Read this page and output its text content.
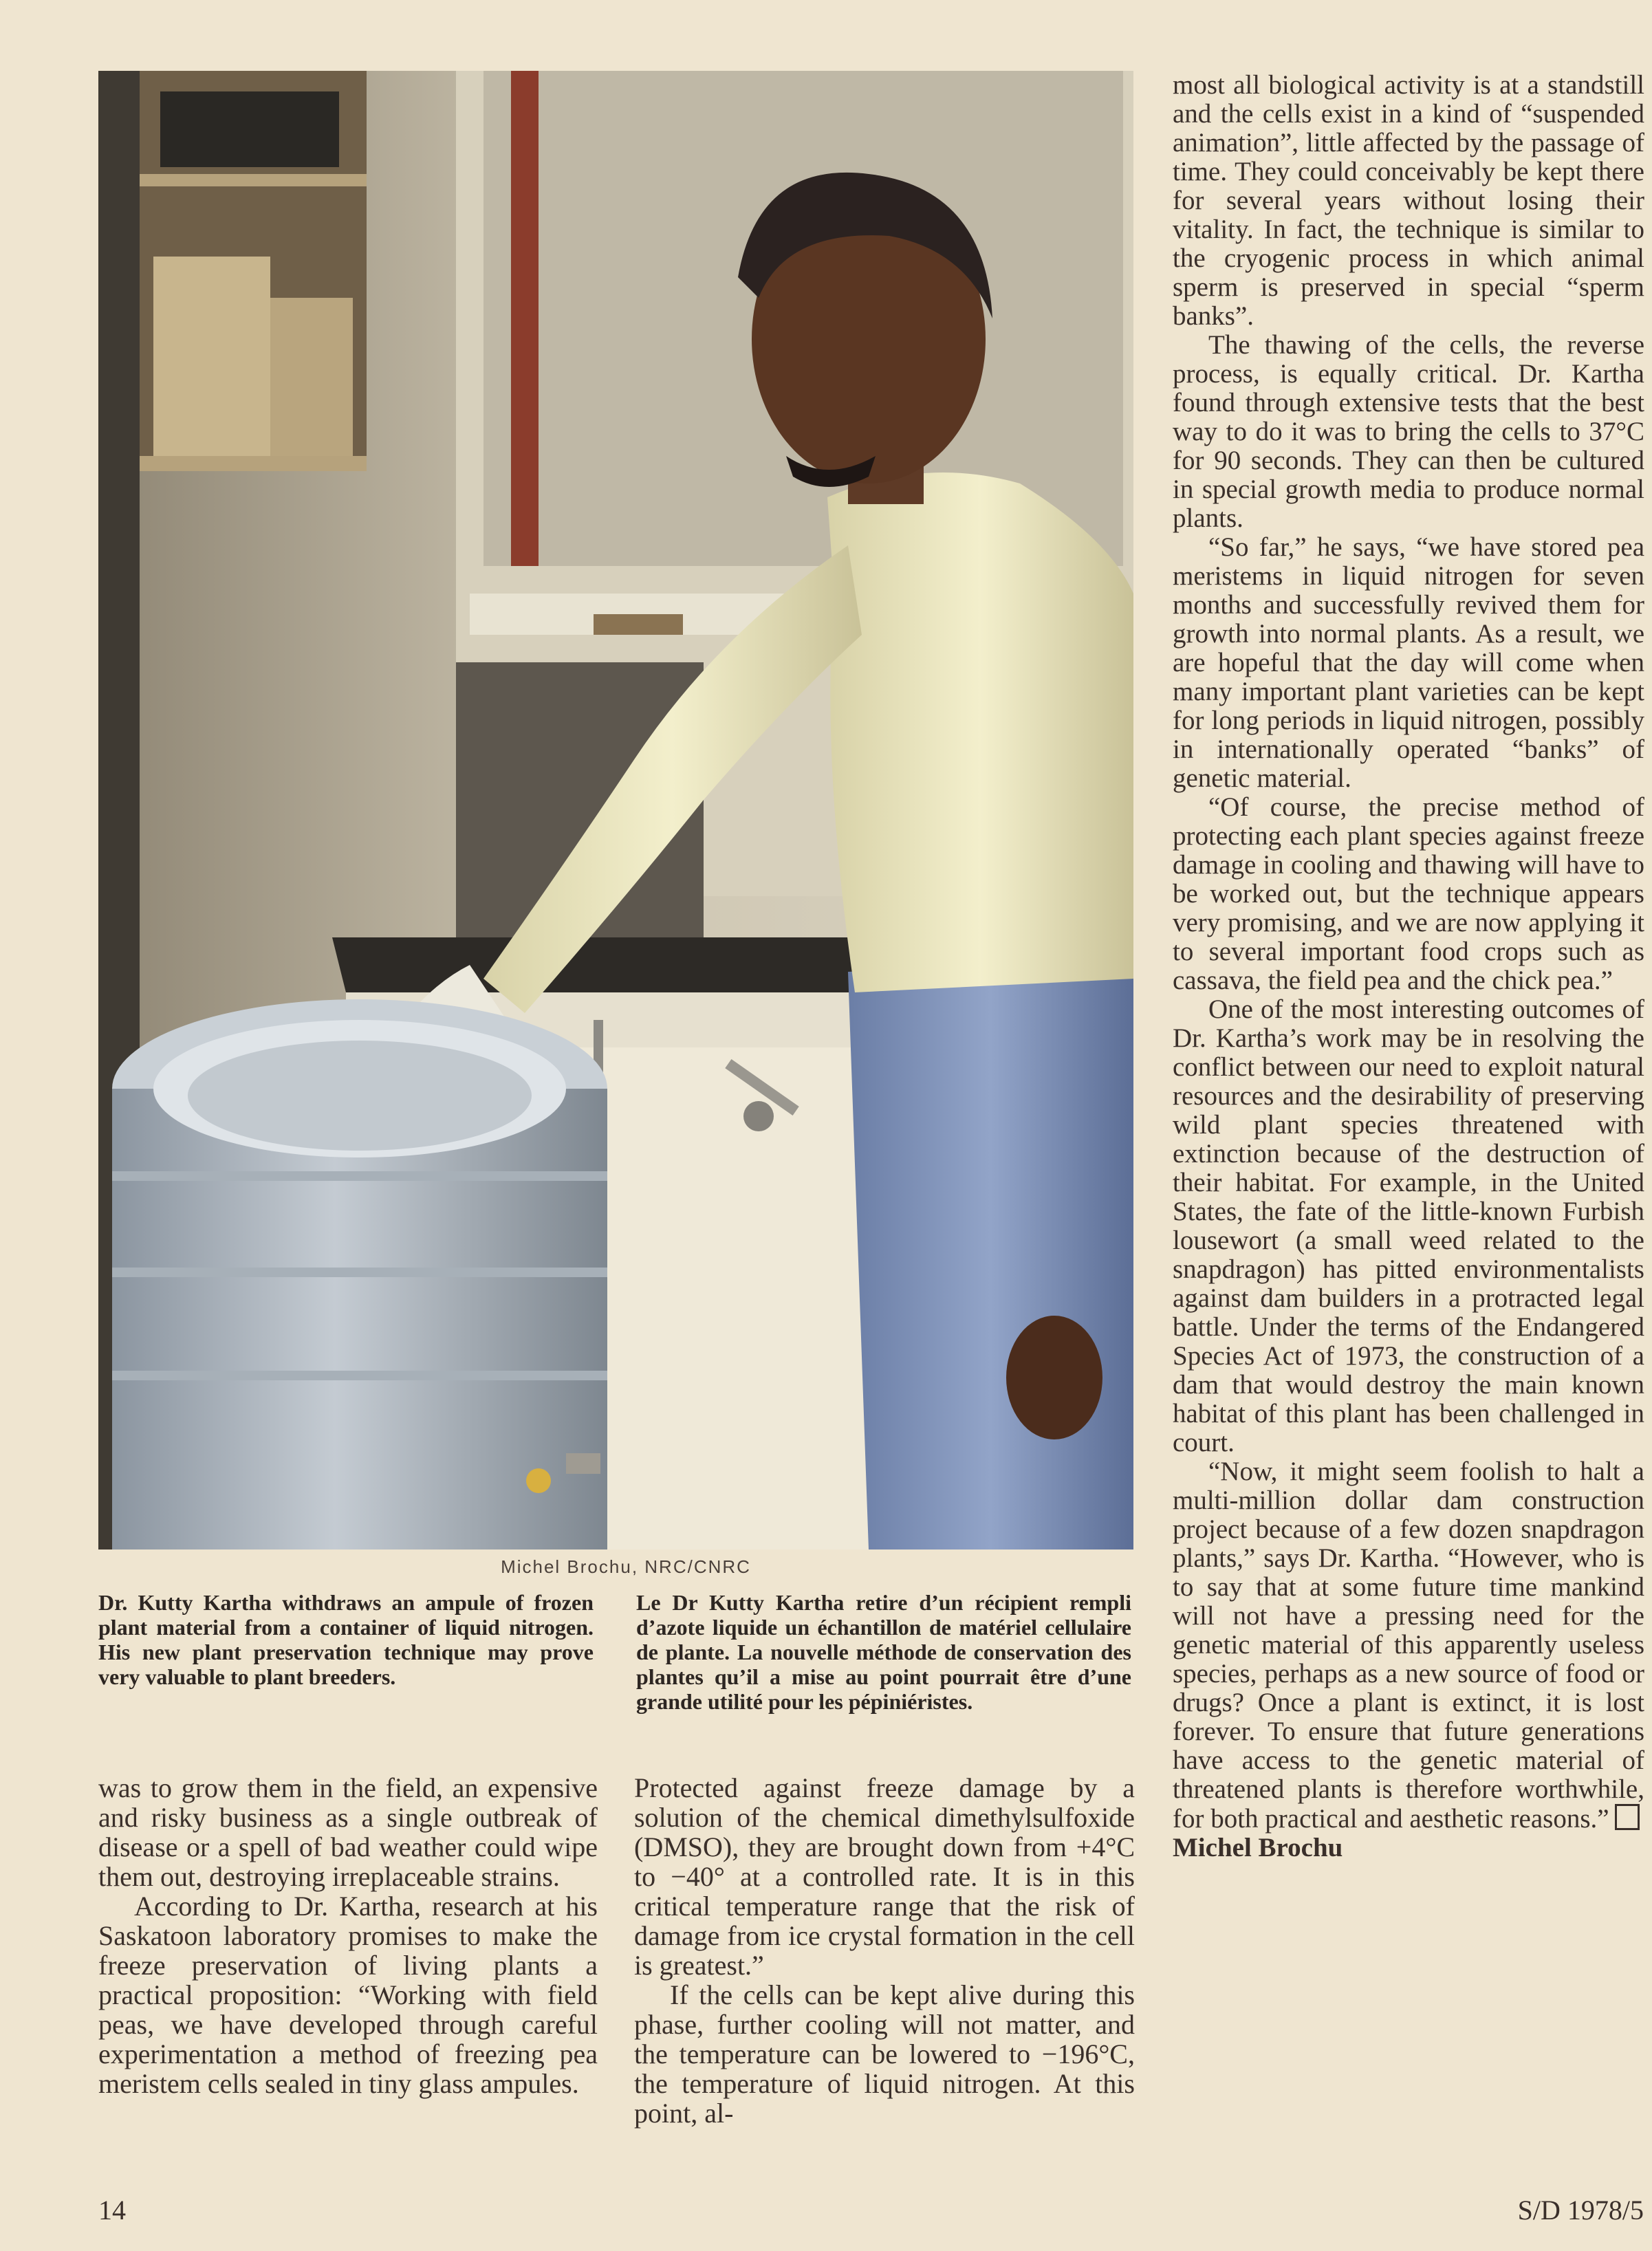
Michel Brochu, NRC/CNRC
Dr. Kutty Kartha withdraws an ampule of frozen plant material from a container of liquid nitrogen. His new plant preservation technique may prove very valuable to plant breeders.
Le Dr Kutty Kartha retire d’un récipient rempli d’azote liquide un échantillon de matériel cellulaire de plante. La nouvelle méthode de conservation des plantes qu’il a mise au point pourrait être d’une grande utilité pour les pépiniéristes.

was to grow them in the field, an expensive and risky business as a single outbreak of disease or a spell of bad weather could wipe them out, destroying irreplaceable strains.

According to Dr. Kartha, research at his Saskatoon laboratory promises to make the freeze preservation of living plants a practical proposition: “Working with field peas, we have developed through careful experimentation a method of freezing pea meristem cells sealed in tiny glass ampules.

Protected against freeze damage by a solution of the chemical dimethylsulfoxide (DMSO), they are brought down from +4°C to −40° at a controlled rate. It is in this critical temperature range that the risk of damage from ice crystal formation in the cell is greatest.”

If the cells can be kept alive during this phase, further cooling will not matter, and the temperature can be lowered to −196°C, the temperature of liquid nitrogen. At this point, al-

most all biological activity is at a standstill and the cells exist in a kind of “suspended animation”, little affected by the passage of time. They could conceivably be kept there for several years without losing their vitality. In fact, the technique is similar to the cryogenic process in which animal sperm is preserved in special “sperm banks”.

The thawing of the cells, the reverse process, is equally critical. Dr. Kartha found through extensive tests that the best way to do it was to bring the cells to 37°C for 90 seconds. They can then be cultured in special growth media to produce normal plants.

“So far,” he says, “we have stored pea meristems in liquid nitrogen for seven months and successfully revived them for growth into normal plants. As a result, we are hopeful that the day will come when many important plant varieties can be kept for long periods in liquid nitrogen, possibly in internationally operated “banks” of genetic material.

“Of course, the precise method of protecting each plant species against freeze damage in cooling and thawing will have to be worked out, but the technique appears very promising, and we are now applying it to several important food crops such as cassava, the field pea and the chick pea.”

One of the most interesting outcomes of Dr. Kartha’s work may be in resolving the conflict between our need to exploit natural resources and the desirability of preserving wild plant species threatened with extinction because of the destruction of their habitat. For example, in the United States, the fate of the little-known Furbish lousewort (a small weed related to the snapdragon) has pitted environmentalists against dam builders in a protracted legal battle. Under the terms of the Endangered Species Act of 1973, the construction of a dam that would destroy the main known habitat of this plant has been challenged in court.

“Now, it might seem foolish to halt a multi-million dollar dam construction project because of a few dozen snapdragon plants,” says Dr. Kartha. “However, who is to say that at some future time mankind will not have a pressing need for the genetic material of this apparently useless species, perhaps as a new source of food or drugs? Once a plant is extinct, it is lost forever. To ensure that future generations have access to the genetic material of threatened plants is therefore worthwhile, for both practical and aesthetic reasons.”

Michel Brochu

14	S/D 1978/5
